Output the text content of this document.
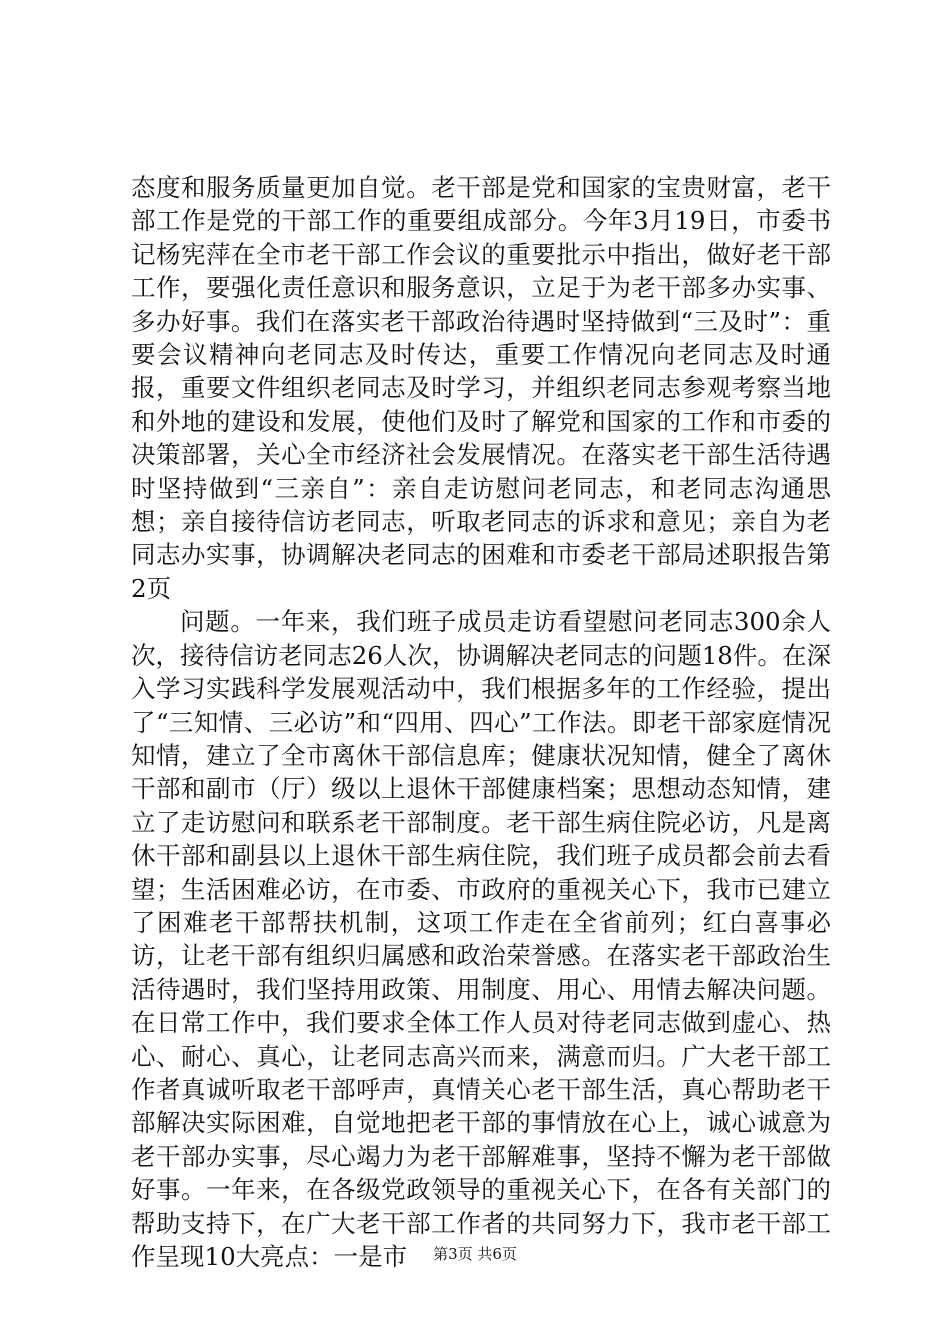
态度和服务质量更加自觉。老干部是党和国家的宝贵财富，老干部工作是党的干部工作的重要组成部分。今年3月19日，市委书记杨宪萍在全市老干部工作会议的重要批示中指出，做好老干部工作，要强化责任意识和服务意识，立足于为老干部多办实事、多办好事。我们在落实老干部政治待遇时坚持做到“三及时”：重要会议精神向老同志及时传达，重要工作情况向老同志及时通报，重要文件组织老同志及时学习，并组织老同志参观考察当地和外地的建设和发展，使他们及时了解党和国家的工作和市委的决策部署，关心全市经济社会发展情况。在落实老干部生活待遇时坚持做到“三亲自”：亲自走访慰问老同志，和老同志沟通思想；亲自接待信访老同志，听取老同志的诉求和意见；亲自为老同志办实事，协调解决老同志的困难和市委老干部局述职报告第2页

问题。一年来，我们班子成员走访看望慰问老同志300余人次，接待信访老同志26人次，协调解决老同志的问题18件。在深入学习实践科学发展观活动中，我们根据多年的工作经验，提出了“三知情、三必访”和“四用、四心”工作法。即老干部家庭情况知情，建立了全市离休干部信息库；健康状况知情，健全了离休干部和副市（厅）级以上退休干部健康档案；思想动态知情，建立了走访慰问和联系老干部制度。老干部生病住院必访，凡是离休干部和副县以上退休干部生病住院，我们班子成员都会前去看望；生活困难必访，在市委、市政府的重视关心下，我市已建立了困难老干部帮扶机制，这项工作走在全省前列；红白喜事必访，让老干部有组织归属感和政治荣誉感。在落实老干部政治生活待遇时，我们坚持用政策、用制度、用心、用情去解决问题。在日常工作中，我们要求全体工作人员对待老同志做到虚心、热心、耐心、真心，让老同志高兴而来，满意而归。广大老干部工作者真诚听取老干部呼声，真情关心老干部生活，真心帮助老干部解决实际困难，自觉地把老干部的事情放在心上，诚心诚意为老干部办实事，尽心竭力为老干部解难事，坚持不懈为老干部做好事。一年来，在各级党政领导的重视关心下，在各有关部门的帮助支持下，在广大老干部工作者的共同努力下，我市老干部工作呈现10大亮点：一是市	第3页 共6页
